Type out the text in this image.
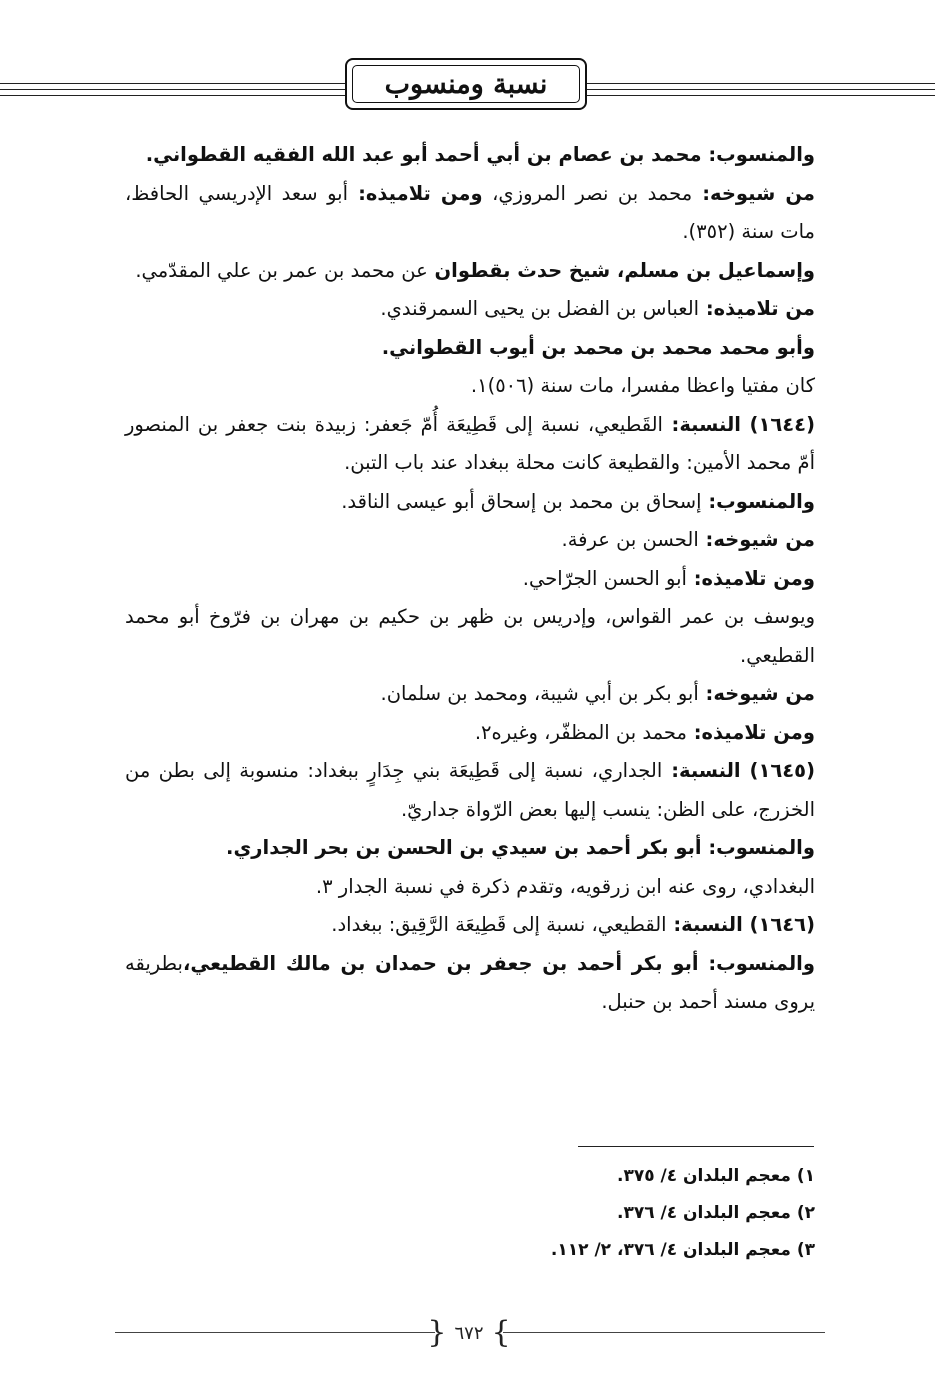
نسبة ومنسوب

والمنسوب: محمد بن عصام بن أبي أحمد أبو عبد الله الفقيه القطواني.

من شيوخه: محمد بن نصر المروزي، ومن تلاميذه: أبو سعد الإدريسي الحافظ، مات سنة (٣٥٢).

وإسماعيل بن مسلم، شيخ حدث بقطوان عن محمد بن عمر بن علي المقدّمي.

من تلاميذه: العباس بن الفضل بن يحيى السمرقندي.

وأبو محمد محمد بن محمد بن أيوب القطواني.

كان مفتيا واعظا مفسرا، مات سنة (٥٠٦)١.

(١٦٤٤) النسبة: القَطيعي، نسبة إلى قَطِيعَة أُمّ جَعفر: زبيدة بنت جعفر بن المنصور أمّ محمد الأمين: والقطيعة كانت محلة ببغداد عند باب التبن.

والمنسوب: إسحاق بن محمد بن إسحاق أبو عيسى الناقد.

من شيوخه: الحسن بن عرفة.

ومن تلاميذه: أبو الحسن الجرّاحي.

ويوسف بن عمر القواس، وإدريس بن ظهر بن حكيم بن مهران بن فرّوخ أبو محمد القطيعي.

من شيوخه: أبو بكر بن أبي شيبة، ومحمد بن سلمان.

ومن تلاميذه: محمد بن المظفّر، وغيره٢.

(١٦٤٥) النسبة: الجداري، نسبة إلى قَطِيعَة بني جِدَارٍ ببغداد: منسوبة إلى بطن من الخزرج، على الظن: ينسب إليها بعض الرّواة جداريّ.

والمنسوب: أبو بكر أحمد بن سيدي بن الحسن بن بحر الجداري.

البغدادي، روى عنه ابن زرقويه، وتقدم ذكرة في نسبة الجدار ٣.

(١٦٤٦) النسبة: القطيعي، نسبة إلى قَطِيعَة الرَّقِيق: ببغداد.

والمنسوب: أبو بكر أحمد بن جعفر بن حمدان بن مالك القطيعي،بطريقه يروى مسند أحمد بن حنبل.

١) معجم البلدان ٤/ ٣٧٥.

٢) معجم البلدان ٤/ ٣٧٦.

٣) معجم البلدان ٤/ ٣٧٦، ٢/ ١١٢.

}
٦٧٢
{
